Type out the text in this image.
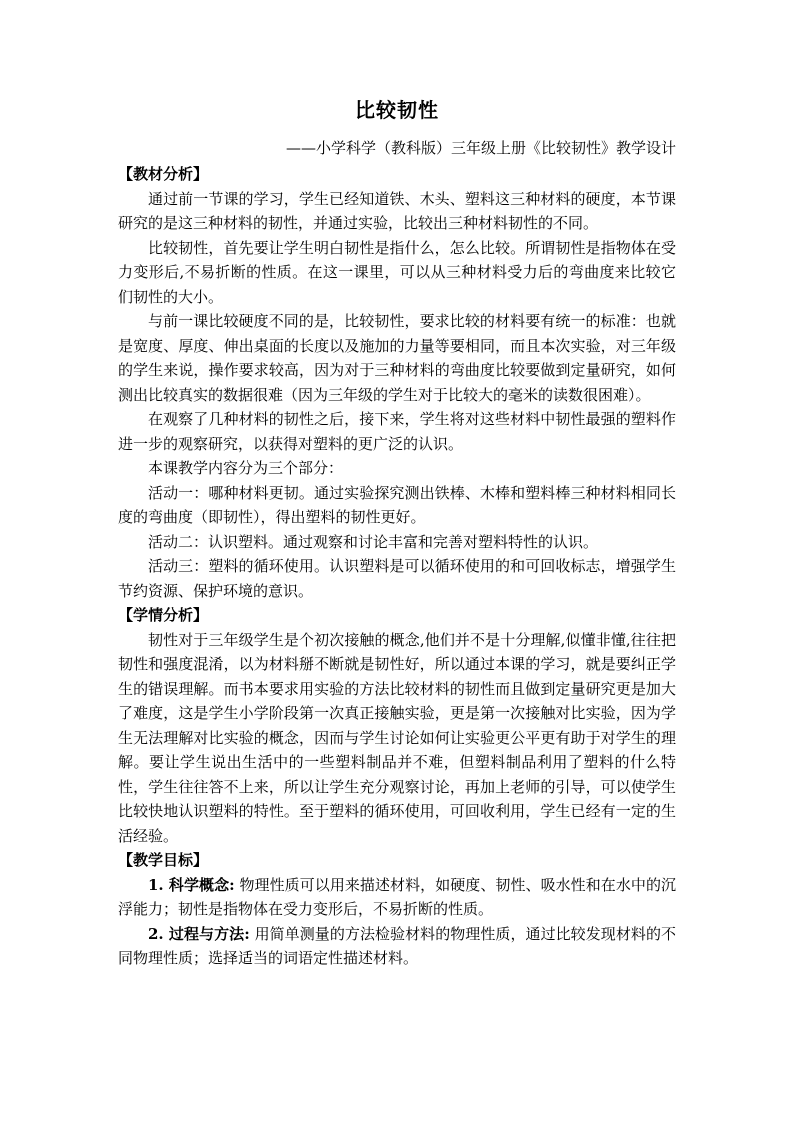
比较韧性
——小学科学（教科版）三年级上册《比较韧性》教学设计
【教材分析】

通过前一节课的学习，学生已经知道铁、木头、塑料这三种材料的硬度，本节课研究的是这三种材料的韧性，并通过实验，比较出三种材料韧性的不同。

比较韧性，首先要让学生明白韧性是指什么，怎么比较。所谓韧性是指物体在受力变形后,不易折断的性质。在这一课里，可以从三种材料受力后的弯曲度来比较它们韧性的大小。

与前一课比较硬度不同的是，比较韧性，要求比较的材料要有统一的标准：也就是宽度、厚度、伸出桌面的长度以及施加的力量等要相同，而且本次实验，对三年级的学生来说，操作要求较高，因为对于三种材料的弯曲度比较要做到定量研究，如何测出比较真实的数据很难（因为三年级的学生对于比较大的毫米的读数很困难）。

在观察了几种材料的韧性之后，接下来，学生将对这些材料中韧性最强的塑料作进一步的观察研究，以获得对塑料的更广泛的认识。

本课教学内容分为三个部分：

活动一：哪种材料更韧。通过实验探究测出铁棒、木棒和塑料棒三种材料相同长度的弯曲度（即韧性），得出塑料的韧性更好。

活动二：认识塑料。通过观察和讨论丰富和完善对塑料特性的认识。

活动三：塑料的循环使用。认识塑料是可以循环使用的和可回收标志，增强学生节约资源、保护环境的意识。

【学情分析】

韧性对于三年级学生是个初次接触的概念,他们并不是十分理解,似懂非懂,往往把韧性和强度混淆，以为材料掰不断就是韧性好，所以通过本课的学习，就是要纠正学生的错误理解。而书本要求用实验的方法比较材料的韧性而且做到定量研究更是加大了难度，这是学生小学阶段第一次真正接触实验，更是第一次接触对比实验，因为学生无法理解对比实验的概念，因而与学生讨论如何让实验更公平更有助于对学生的理解。要让学生说出生活中的一些塑料制品并不难，但塑料制品利用了塑料的什么特性，学生往往答不上来，所以让学生充分观察讨论，再加上老师的引导，可以使学生比较快地认识塑料的特性。至于塑料的循环使用，可回收利用，学生已经有一定的生活经验。

【教学目标】

1. 科学概念: 物理性质可以用来描述材料，如硬度、韧性、吸水性和在水中的沉浮能力；韧性是指物体在受力变形后，不易折断的性质。

2. 过程与方法: 用简单测量的方法检验材料的物理性质，通过比较发现材料的不同物理性质；选择适当的词语定性描述材料。
